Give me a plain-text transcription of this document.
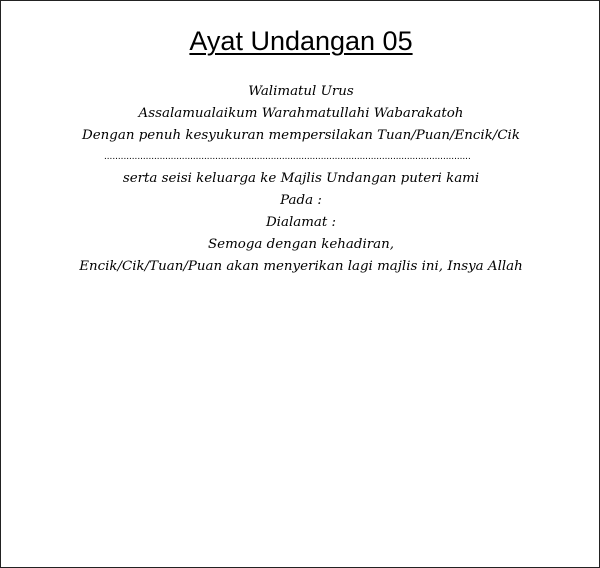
Ayat Undangan 05
Walimatul Urus
Assalamualaikum Warahmatullahi Wabarakatoh
Dengan penuh kesyukuran mempersilakan Tuan/Puan/Encik/Cik
....................................................................................................................................
serta seisi keluarga ke Majlis Undangan puteri kami
Pada :
Dialamat :
Semoga dengan kehadiran,
Encik/Cik/Tuan/Puan akan menyerikan lagi majlis ini, Insya Allah
